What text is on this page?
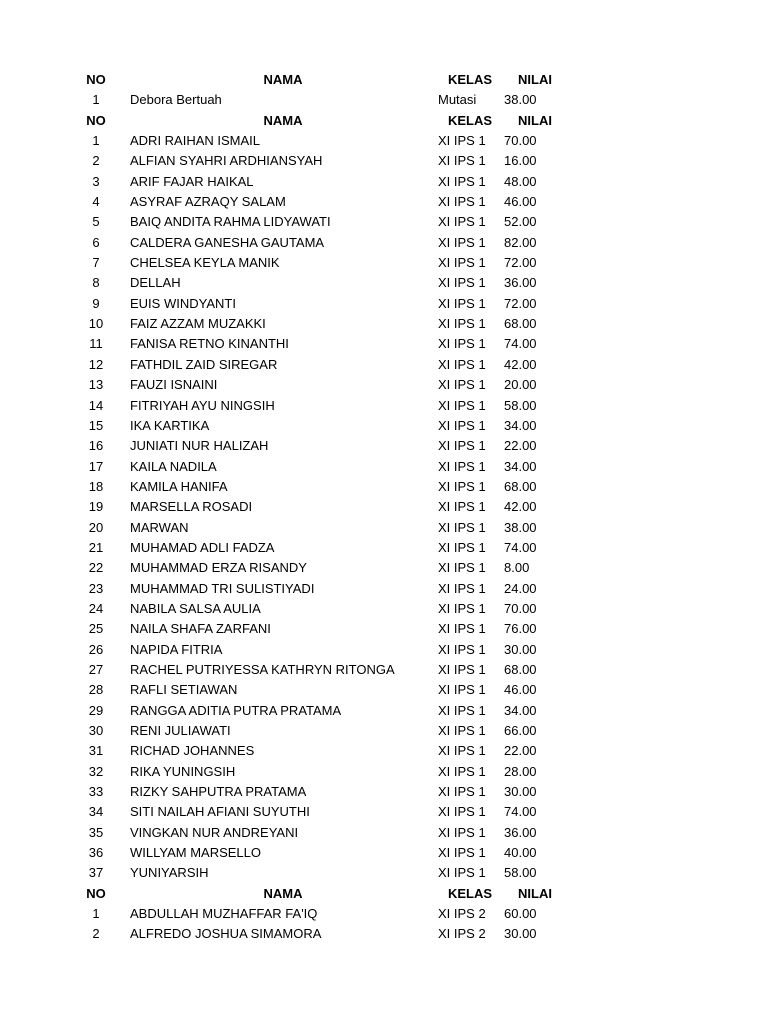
NO	NAMA	KELAS	NILAI
1	Debora Bertuah	Mutasi 38.00
NO	NAMA	KELAS	NILAI
1	ADRI RAIHAN ISMAIL	XI IPS 1 70.00
2	ALFIAN SYAHRI ARDHIANSYAH	XI IPS 1 16.00
3	ARIF FAJAR HAIKAL	XI IPS 1 48.00
4	ASYRAF AZRAQY SALAM	XI IPS 1 46.00
5	BAIQ ANDITA RAHMA LIDYAWATI	XI IPS 1 52.00
6	CALDERA GANESHA GAUTAMA	XI IPS 1 82.00
7	CHELSEA KEYLA MANIK	XI IPS 1 72.00
8	DELLAH	XI IPS 1 36.00
9	EUIS WINDYANTI	XI IPS 1 72.00
10	FAIZ AZZAM MUZAKKI	XI IPS 1 68.00
11	FANISA RETNO KINANTHI	XI IPS 1 74.00
12	FATHDIL ZAID SIREGAR	XI IPS 1 42.00
13	FAUZI ISNAINI	XI IPS 1 20.00
14	FITRIYAH AYU NINGSIH	XI IPS 1 58.00
15	IKA KARTIKA	XI IPS 1 34.00
16	JUNIATI NUR HALIZAH	XI IPS 1 22.00
17	KAILA NADILA	XI IPS 1 34.00
18	KAMILA HANIFA	XI IPS 1 68.00
19	MARSELLA ROSADI	XI IPS 1 42.00
20	MARWAN	XI IPS 1 38.00
21	MUHAMAD ADLI FADZA	XI IPS 1 74.00
22	MUHAMMAD ERZA RISANDY	XI IPS 1 8.00
23	MUHAMMAD TRI SULISTIYADI	XI IPS 1 24.00
24	NABILA SALSA AULIA	XI IPS 1 70.00
25	NAILA SHAFA ZARFANI	XI IPS 1 76.00
26	NAPIDA FITRIA	XI IPS 1 30.00
27	RACHEL PUTRIYESSA KATHRYN RITONGA	XI IPS 1 68.00
28	RAFLI SETIAWAN	XI IPS 1 46.00
29	RANGGA ADITIA PUTRA PRATAMA	XI IPS 1 34.00
30	RENI JULIAWATI	XI IPS 1 66.00
31	RICHAD JOHANNES	XI IPS 1 22.00
32	RIKA YUNINGSIH	XI IPS 1 28.00
33	RIZKY SAHPUTRA PRATAMA	XI IPS 1 30.00
34	SITI NAILAH AFIANI SUYUTHI	XI IPS 1 74.00
35	VINGKAN NUR ANDREYANI	XI IPS 1 36.00
36	WILLYAM MARSELLO	XI IPS 1 40.00
37	YUNIYARSIH	XI IPS 1 58.00
NO	NAMA	KELAS	NILAI
1	ABDULLAH MUZHAFFAR FA'IQ	XI IPS 2 60.00
2	ALFREDO JOSHUA SIMAMORA	XI IPS 2 30.00
